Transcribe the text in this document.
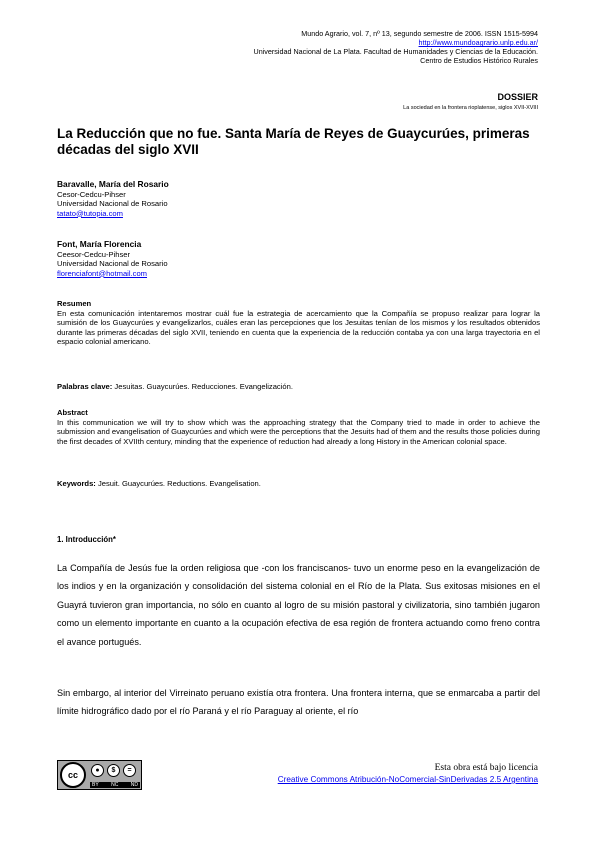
Mundo Agrario, vol. 7, nº 13, segundo semestre de 2006. ISSN 1515-5994
http://www.mundoagrario.unlp.edu.ar/
Universidad Nacional de La Plata. Facultad de Humanidades y Ciencias de la Educación.
Centro de Estudios Histórico Rurales
DOSSIER
La sociedad en la frontera rioplatense, siglos XVII-XVIII
La Reducción que no fue. Santa María de Reyes de Guaycurúes, primeras décadas del siglo XVII
Baravalle, María del Rosario
Cesor-Cedcu-Pihser
Universidad Nacional de Rosario
tatato@tutopia.com
Font, María Florencia
Ceesor-Cedcu-Pihser
Universidad Nacional de Rosario
florenciafont@hotmail.com
Resumen
En esta comunicación intentaremos mostrar cuál fue la estrategia de acercamiento que la Compañía se propuso realizar para lograr la sumisión de los Guaycurúes y evangelizarlos, cuáles eran las percepciones que los Jesuitas tenían de los mismos y los resultados obtenidos durante las primeras décadas del siglo XVII, teniendo en cuenta que la experiencia de la reducción contaba ya con una larga trayectoria en el espacio colonial americano.
Palabras clave: Jesuitas. Guaycurúes. Reducciones. Evangelización.
Abstract
In this communication we will try to show which was the approaching strategy that the Company tried to made in order to achieve the submission and evangelisation of Guaycurúes and which were the perceptions that the Jesuits had of them and the results those policies during the first decades of XVIIth century, minding that the experience of reduction had already a long History in the American colonial space.
Keywords: Jesuit. Guaycurúes. Reductions. Evangelisation.
1. Introducción*
La Compañía de Jesús fue la orden religiosa que -con los franciscanos- tuvo un enorme peso en la evangelización de los indios y en la organización y consolidación del sistema colonial en el Río de la Plata. Sus exitosas misiones en el Guayrá tuvieron gran importancia, no sólo en cuanto al logro de su misión pastoral y civilizatoria, sino también jugaron como un elemento importante en cuanto a la ocupación efectiva de esa región de frontera actuando como freno contra el avance portugués.
Sin embargo, al interior del Virreinato peruano existía otra frontera. Una frontera interna, que se enmarcaba a partir del límite hidrográfico dado por el río Paraná y el río Paraguay al oriente, el río
cc	●	$	=
BY NC ND
Esta obra está bajo licencia
Creative Commons Atribución-NoComercial-SinDerivadas 2.5 Argentina
